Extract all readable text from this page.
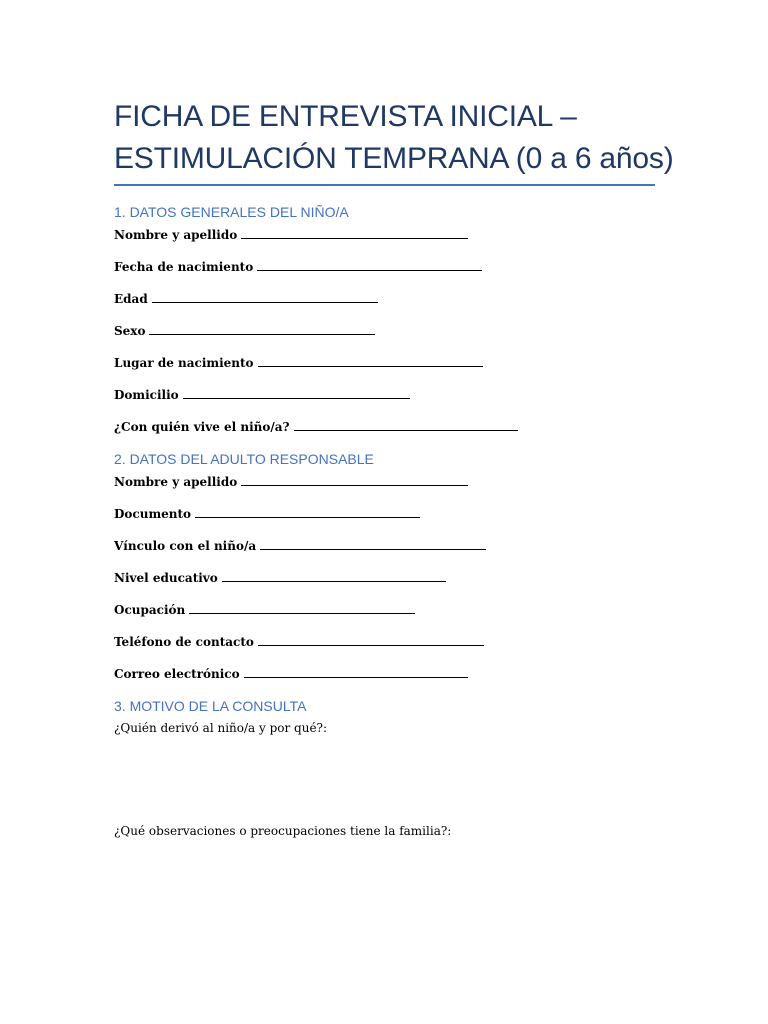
FICHA DE ENTREVISTA INICIAL –
ESTIMULACIÓN TEMPRANA (0 a 6 años)
1. DATOS GENERALES DEL NIÑO/A
Nombre y apellido
Fecha de nacimiento
Edad
Sexo
Lugar de nacimiento
Domicilio
¿Con quién vive el niño/a?
2. DATOS DEL ADULTO RESPONSABLE
Nombre y apellido
Documento
Vínculo con el niño/a
Nivel educativo
Ocupación
Teléfono de contacto
Correo electrónico
3. MOTIVO DE LA CONSULTA

¿Quién derivó al niño/a y por qué?:

¿Qué observaciones o preocupaciones tiene la familia?:
